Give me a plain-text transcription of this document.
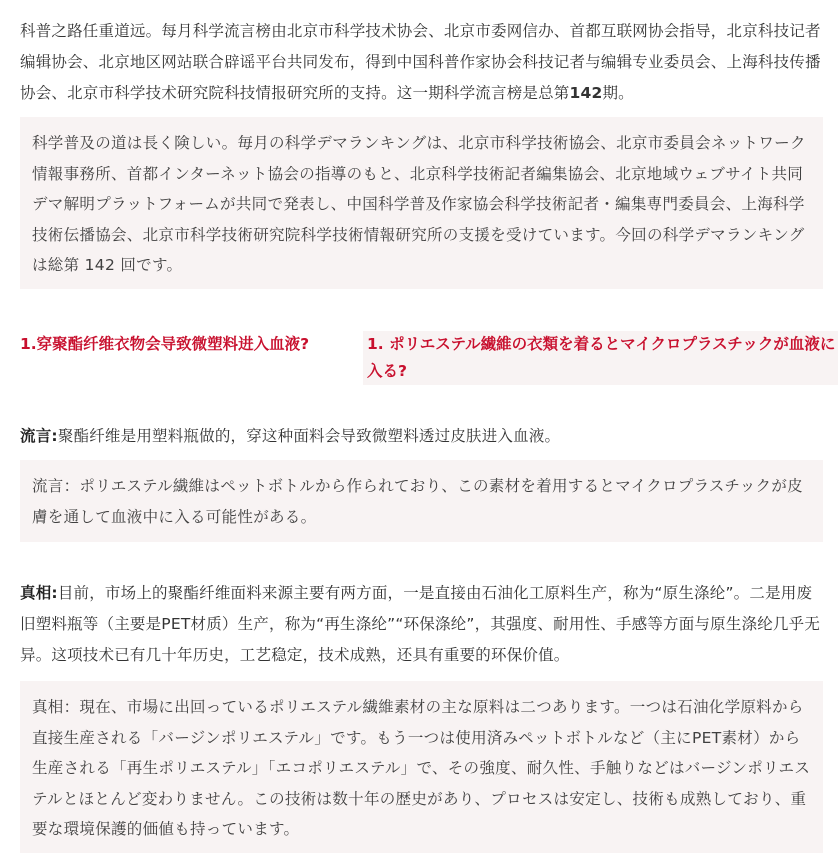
科普之路任重道远。每月科学流言榜由北京市科学技术协会、北京市委网信办、首都互联网协会指导，北京科技记者编辑协会、北京地区网站联合辟谣平台共同发布，得到中国科普作家协会科技记者与编辑专业委员会、上海科技传播协会、北京市科学技术研究院科技情报研究所的支持。这一期科学流言榜是总第142期。

科学普及の道は長く険しい。毎月の科学デマランキングは、北京市科学技術協会、北京市委員会ネットワーク情報事務所、首都インターネット協会の指導のもと、北京科学技術記者編集協会、北京地域ウェブサイト共同デマ解明プラットフォームが共同で発表し、中国科学普及作家協会科学技術記者・編集専門委員会、上海科学技術伝播協会、北京市科学技術研究院科学技術情報研究所の支援を受けています。今回の科学デマランキングは総第 142 回です。
1.穿聚酯纤维衣物会导致微塑料进入血液?	1. ポリエステル繊維の衣類を着るとマイクロプラスチックが血液に入る?

流言:聚酯纤维是用塑料瓶做的，穿这种面料会导致微塑料透过皮肤进入血液。

流言：ポリエステル繊維はペットボトルから作られており、この素材を着用するとマイクロプラスチックが皮膚を通して血液中に入る可能性がある。

真相:目前，市场上的聚酯纤维面料来源主要有两方面，一是直接由石油化工原料生产，称为“原生涤纶”。二是用废旧塑料瓶等（主要是PET材质）生产，称为“再生涤纶”“环保涤纶”，其强度、耐用性、手感等方面与原生涤纶几乎无异。这项技术已有几十年历史，工艺稳定，技术成熟，还具有重要的环保价值。

真相：現在、市場に出回っているポリエステル繊維素材の主な原料は二つあります。一つは石油化学原料から直接生産される「バージンポリエステル」です。もう一つは使用済みペットボトルなど（主にPET素材）から生産される「再生ポリエステル」「エコポリエステル」で、その強度、耐久性、手触りなどはバージンポリエステルとほとんど変わりません。この技術は数十年の歴史があり、プロセスは安定し、技術も成熟しており、重要な環境保護的価値も持っています。
